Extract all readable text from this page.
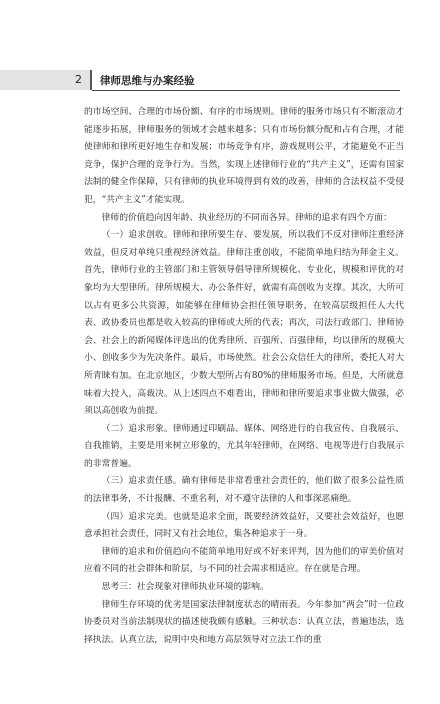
2 律师思维与办案经验

的市场空间、合理的市场份额、有序的市场规则。律师的服务市场只有不断滚动才能逐步拓展，律师服务的领域才会越来越多；只有市场份额分配和占有合理，才能使律师和律所更好地生存和发展；市场竞争有序，游戏规则公平，才能避免不正当竞争，保护合理的竞争行为。当然，实现上述律师行业的“共产主义”，还需有国家法制的健全作保障，只有律师的执业环境得到有效的改善，律师的合法权益不受侵犯，“共产主义”才能实现。

律师的价值趋向因年龄、执业经历的不同而各异。律师的追求有四个方面：

（一）追求创收。律师和律所要生存、要发展，所以我们不反对律师注重经济效益，但反对单纯只重视经济效益。律师注重创收，不能简单地归结为拜金主义。首先，律师行业的主管部门和主管领导倡导律所规模化、专业化，规模和评优的对象均为大型律所。律所规模大、办公条件好，就需有高创收为支撑。其次，大所可以占有更多公共资源，如能够在律师协会担任领导职务，在较高层级担任人大代表、政协委员也都是收入较高的律师或大所的代表；再次，司法行政部门、律师协会、社会上的新闻媒体评选出的优秀律所、百强所、百强律师，均以律所的规模大小、创收多少为先决条件。最后，市场使然。社会公众信任大的律所，委托人对大所青睐有加。在北京地区，少数大型所占有80%的律师服务市场。但是，大所就意味着大投入，高裁决。从上述四点不难看出，律师和律所要追求事业做大做强，必须以高创收为前提。

（二）追求形象。律师通过印刷品、媒体、网络进行的自我宣传、自我展示、自我推销，主要是用来树立形象的，尤其年轻律师，在网络、电视等进行自我展示的非常普遍。

（三）追求责任感。确有律师是非常看重社会责任的，他们做了很多公益性质的法律事务，不计报酬、不重名利，对不遵守法律的人和事深恶痛绝。

（四）追求完美。也就是追求全面，既要经济效益好，又要社会效益好，也愿意承担社会责任，同时又有社会地位，集各种追求于一身。

律师的追求和价值趋向不能简单地用好或不好来评判，因为他们的审美价值对应着不同的社会群体和阶层，与不同的社会需求相适应。存在就是合理。

思考三：社会现象对律师执业环境的影响。

律师生存环境的优劣是国家法律制度状态的晴雨表。今年参加“两会”时一位政协委员对当前法制现状的描述使我颇有感触。三种状态：认真立法，普遍违法，选择执法。认真立法，说明中央和地方高层领导对立法工作的重
